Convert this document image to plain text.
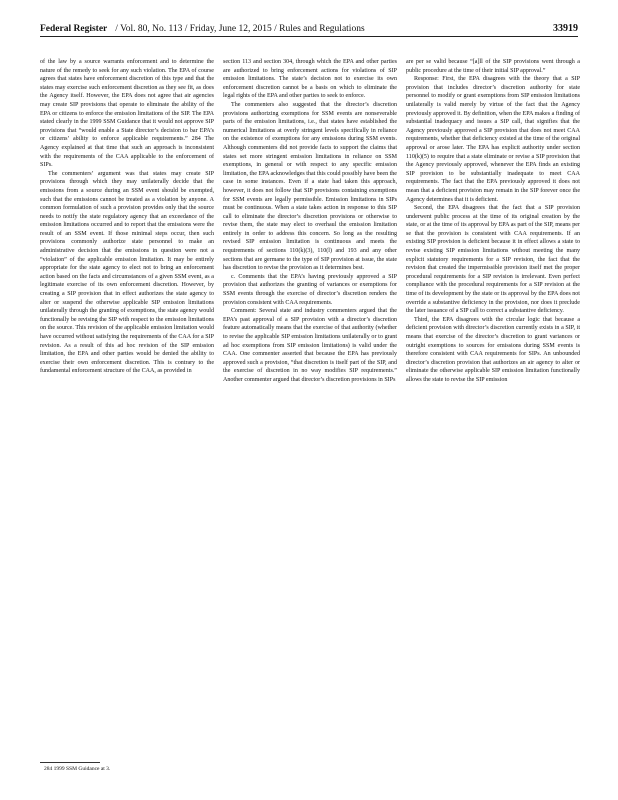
Federal Register / Vol. 80, No. 113 / Friday, June 12, 2015 / Rules and Regulations	33919

of the law by a source warrants enforcement and to determine the nature of the remedy to seek for any such violation. The EPA of course agrees that states have enforcement discretion of this type and that the states may exercise such enforcement discretion as they see fit, as does the Agency itself. However, the EPA does not agree that air agencies may create SIP provisions that operate to eliminate the ability of the EPA or citizens to enforce the emission limitations of the SIP. The EPA stated clearly in the 1999 SSM Guidance that it would not approve SIP provisions that “would enable a State director’s decision to bar EPA’s or citizens’ ability to enforce applicable requirements.” 284 The Agency explained at that time that such an approach is inconsistent with the requirements of the CAA applicable to the enforcement of SIPs.

The commenters’ argument was that states may create SIP provisions through which they may unilaterally decide that the emissions from a source during an SSM event should be exempted, such that the emissions cannot be treated as a violation by anyone. A common formulation of such a provision provides only that the source needs to notify the state regulatory agency that an exceedance of the emission limitations occurred and to report that the emissions were the result of an SSM event. If those minimal steps occur, then such provisions commonly authorize state personnel to make an administrative decision that the emissions in question were not a “violation” of the applicable emission limitation. It may be entirely appropriate for the state agency to elect not to bring an enforcement action based on the facts and circumstances of a given SSM event, as a legitimate exercise of its own enforcement discretion. However, by creating a SIP provision that in effect authorizes the state agency to alter or suspend the otherwise applicable SIP emission limitations unilaterally through the granting of exemptions, the state agency would functionally be revising the SIP with respect to the emission limitations on the source. This revision of the applicable emission limitation would have occurred without satisfying the requirements of the CAA for a SIP revision. As a result of this ad hoc revision of the SIP emission limitation, the EPA and other parties would be denied the ability to exercise their own enforcement discretion. This is contrary to the fundamental enforcement structure of the CAA, as provided in

section 113 and section 304, through which the EPA and other parties are authorized to bring enforcement actions for violations of SIP emission limitations. The state’s decision not to exercise its own enforcement discretion cannot be a basis on which to eliminate the legal rights of the EPA and other parties to seek to enforce.

The commenters also suggested that the director’s discretion provisions authorizing exemptions for SSM events are nonseverable parts of the emission limitations, i.e., that states have established the numerical limitations at overly stringent levels specifically in reliance on the existence of exemptions for any emissions during SSM events. Although commenters did not provide facts to support the claims that states set more stringent emission limitations in reliance on SSM exemptions, in general or with respect to any specific emission limitation, the EPA acknowledges that this could possibly have been the case in some instances. Even if a state had taken this approach, however, it does not follow that SIP provisions containing exemptions for SSM events are legally permissible. Emission limitations in SIPs must be continuous. When a state takes action in response to this SIP call to eliminate the director’s discretion provisions or otherwise to revise them, the state may elect to overhaul the emission limitation entirely in order to address this concern. So long as the resulting revised SIP emission limitation is continuous and meets the requirements of sections 110(k)(3), 110(l) and 193 and any other sections that are germane to the type of SIP provision at issue, the state has discretion to revise the provision as it determines best.

c. Comments that the EPA’s having previously approved a SIP provision that authorizes the granting of variances or exemptions for SSM events through the exercise of director’s discretion renders the provision consistent with CAA requirements.

Comment: Several state and industry commenters argued that the EPA’s past approval of a SIP provision with a director’s discretion feature automatically means that the exercise of that authority (whether to revise the applicable SIP emission limitations unilaterally or to grant ad hoc exemptions from SIP emission limitations) is valid under the CAA. One commenter asserted that because the EPA has previously approved such a provision, “that discretion is itself part of the SIP, and the exercise of discretion in no way modifies SIP requirements.” Another commenter argued that director’s discretion provisions in SIPs

are per se valid because “[a]ll of the SIP provisions went through a public procedure at the time of their initial SIP approval.”

Response: First, the EPA disagrees with the theory that a SIP provision that includes director’s discretion authority for state personnel to modify or grant exemptions from SIP emission limitations unilaterally is valid merely by virtue of the fact that the Agency previously approved it. By definition, when the EPA makes a finding of substantial inadequacy and issues a SIP call, that signifies that the Agency previously approved a SIP provision that does not meet CAA requirements, whether that deficiency existed at the time of the original approval or arose later. The EPA has explicit authority under section 110(k)(5) to require that a state eliminate or revise a SIP provision that the Agency previously approved, whenever the EPA finds an existing SIP provision to be substantially inadequate to meet CAA requirements. The fact that the EPA previously approved it does not mean that a deficient provision may remain in the SIP forever once the Agency determines that it is deficient.

Second, the EPA disagrees that the fact that a SIP provision underwent public process at the time of its original creation by the state, or at the time of its approval by EPA as part of the SIP, means per se that the provision is consistent with CAA requirements. If an existing SIP provision is deficient because it in effect allows a state to revise existing SIP emission limitations without meeting the many explicit statutory requirements for a SIP revision, the fact that the revision that created the impermissible provision itself met the proper procedural requirements for a SIP revision is irrelevant. Even perfect compliance with the procedural requirements for a SIP revision at the time of its development by the state or its approval by the EPA does not override a substantive deficiency in the provision, nor does it preclude the later issuance of a SIP call to correct a substantive deficiency.

Third, the EPA disagrees with the circular logic that because a deficient provision with director’s discretion currently exists in a SIP, it means that exercise of the director’s discretion to grant variances or outright exemptions to sources for emissions during SSM events is therefore consistent with CAA requirements for SIPs. An unbounded director’s discretion provision that authorizes an air agency to alter or eliminate the otherwise applicable SIP emission limitation functionally allows the state to revise the SIP emission

284 1999 SSM Guidance at 3.
